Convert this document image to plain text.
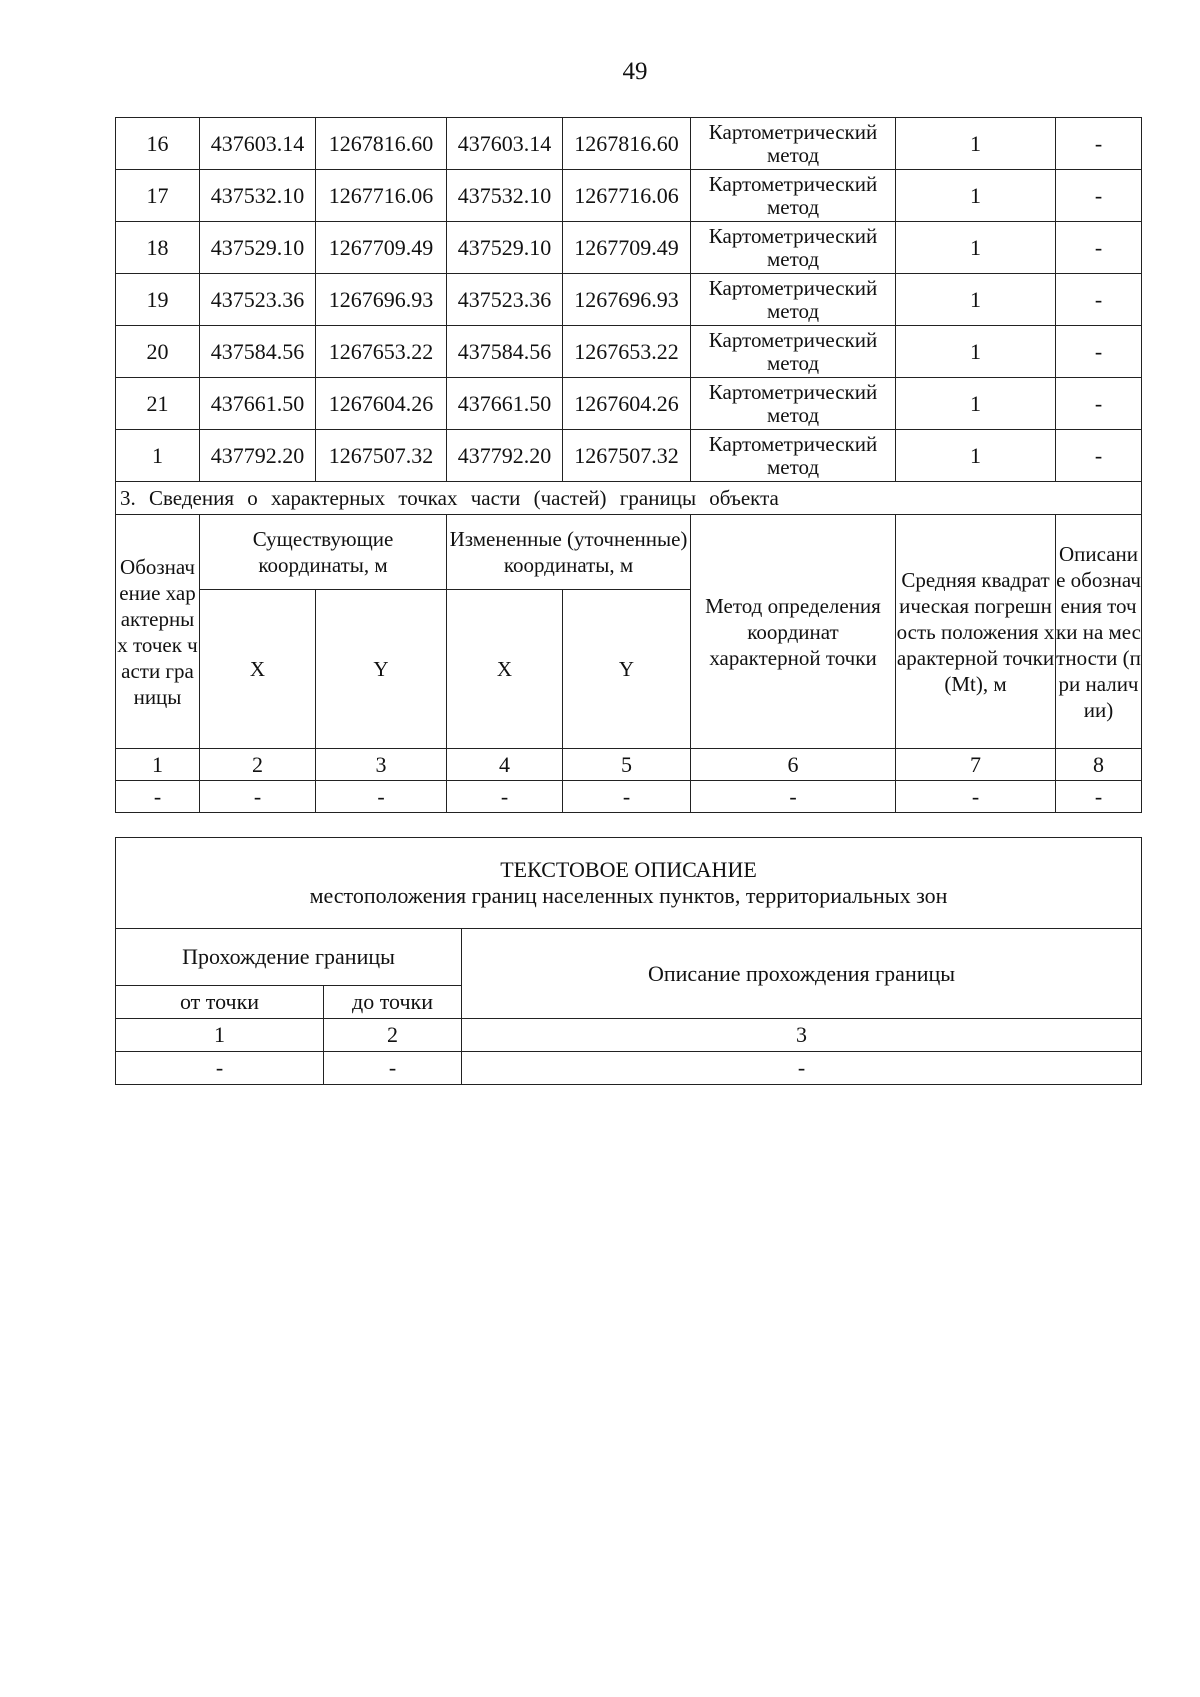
49
16	437603.14	1267816.60	437603.14	1267816.60	Картометрический метод	1	-
17	437532.10	1267716.06	437532.10	1267716.06	Картометрический метод	1	-
18	437529.10	1267709.49	437529.10	1267709.49	Картометрический метод	1	-
19	437523.36	1267696.93	437523.36	1267696.93	Картометрический метод	1	-
20	437584.56	1267653.22	437584.56	1267653.22	Картометрический метод	1	-
21	437661.50	1267604.26	437661.50	1267604.26	Картометрический метод	1	-
1	437792.20	1267507.32	437792.20	1267507.32	Картометрический метод	1	-
3. Сведения о характерных точках части (частей) границы объекта							
Обозначение характерных точек части границы	Существующие координаты, м		Измененные (уточненные) координаты, м		Метод определения координат характерной точки	Средняя квадратическая погрешность положения характерной точки (Mt), м	Описание обозначения точки на местности (при наличии)
	X	Y	X	Y			
1	2	3	4	5	6	7	8
-	-	-	-	-	-	-	-
ТЕКСТОВОЕ ОПИСАНИЕ
местоположения границ населенных пунктов, территориальных зон		

Прохождение границы		Описание прохождения границы
от точки	до точки	
1	2	3
-	-	-
